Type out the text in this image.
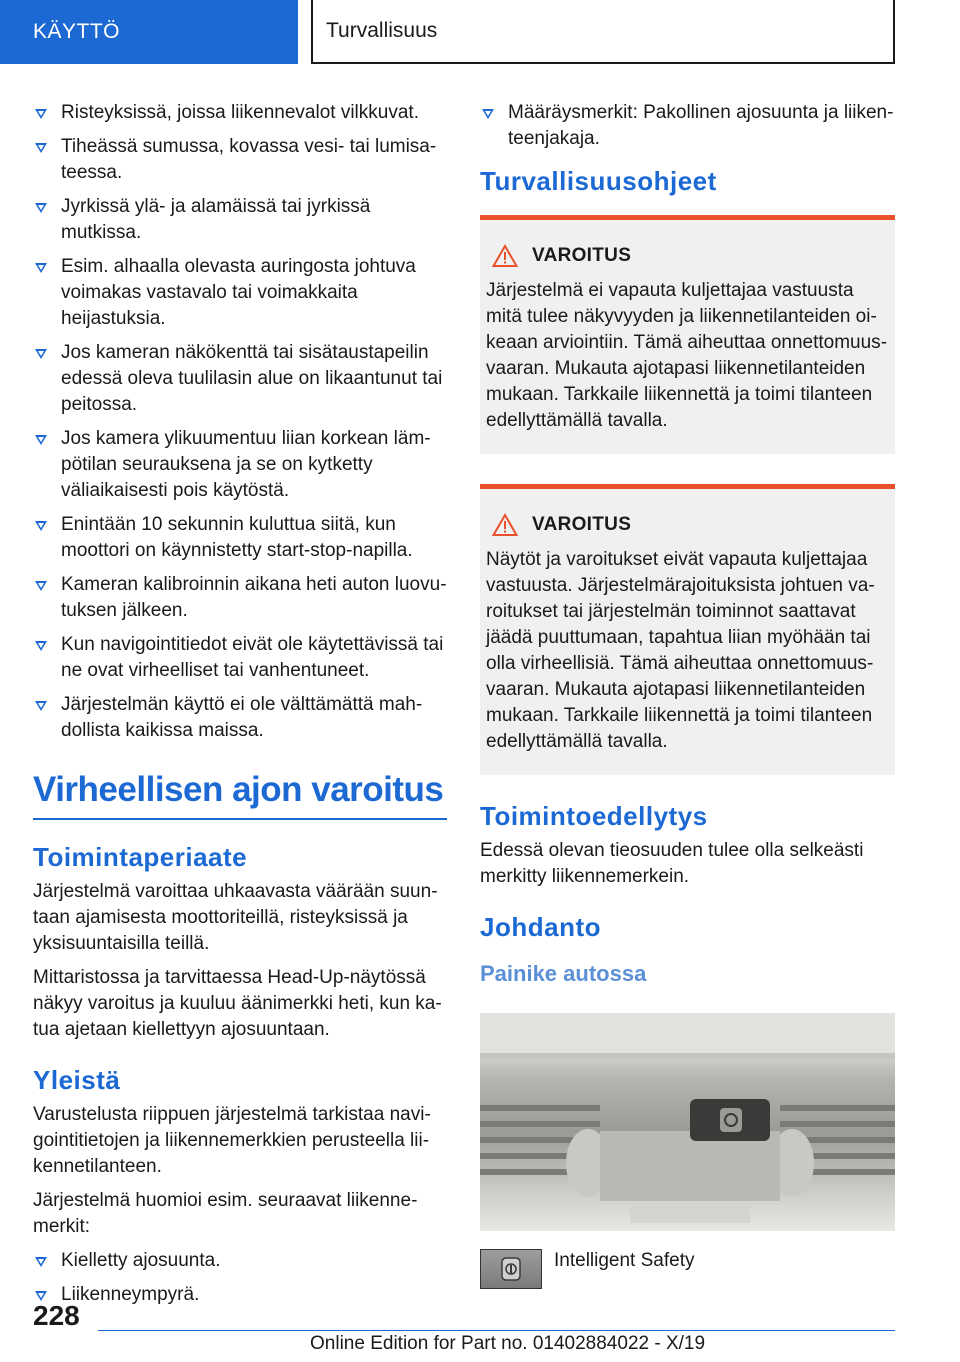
KÄYTTÖ	Turvallisuus
Risteyksissä, joissa liikennevalot vilkkuvat.
Tiheässä sumussa, kovassa vesi- tai lumisateessa.
Jyrkissä ylä- ja alamäissä tai jyrkissä mutkissa.
Esim. alhaalla olevasta auringosta johtuva voimakas vastavalo tai voimakkaita heijastuksia.
Jos kameran näkökenttä tai sisätaustapeilin edessä oleva tuulilasin alue on likaantunut tai peitossa.
Jos kamera ylikuumentuu liian korkean lämpötilan seurauksena ja se on kytketty väliaikaisesti pois käytöstä.
Enintään 10 sekunnin kuluttua siitä, kun moottori on käynnistetty start-stop-napilla.
Kameran kalibroinnin aikana heti auton luovutuksen jälkeen.
Kun navigointitiedot eivät ole käytettävissä tai ne ovat virheelliset tai vanhentuneet.
Järjestelmän käyttö ei ole välttämättä mahdollista kaikissa maissa.
Virheellisen ajon varoitus
Toimintaperiaate

Järjestelmä varoittaa uhkaavasta väärään suuntaan ajamisesta moottoriteillä, risteyksissä ja yksisuuntaisilla teillä.

Mittaristossa ja tarvittaessa Head-Up-näytössä näkyy varoitus ja kuuluu äänimerkki heti, kun katua ajetaan kiellettyyn ajosuuntaan.

Yleistä

Varustelusta riippuen järjestelmä tarkistaa navigointitietojen ja liikennemerkkien perusteella liikennetilanteen.

Järjestelmä huomioi esim. seuraavat liikennemerkit:

Kielletty ajosuunta.
Liikenneympyrä.
Määräysmerkit: Pakollinen ajosuunta ja liikenteenjakaja.
Turvallisuusohjeet
VAROITUS

Järjestelmä ei vapauta kuljettajaa vastuusta mitä tulee näkyvyyden ja liikennetilanteiden oikeaan arviointiin. Tämä aiheuttaa onnettomuusvaaran. Mukauta ajotapasi liikennetilanteiden mukaan. Tarkkaile liikennettä ja toimi tilanteen edellyttämällä tavalla.

VAROITUS

Näytöt ja varoitukset eivät vapauta kuljettajaa vastuusta. Järjestelmärajoituksista johtuen varoitukset tai järjestelmän toiminnot saattavat jäädä puuttumaan, tapahtua liian myöhään tai olla virheellisiä. Tämä aiheuttaa onnettomuusvaaran. Mukauta ajotapasi liikennetilanteiden mukaan. Tarkkaile liikennettä ja toimi tilanteen edellyttämällä tavalla.

Toimintoedellytys

Edessä olevan tieosuuden tulee olla selkeästi merkitty liikennemerkein.

Johdanto
Painike autossa
Intelligent Safety
228
Online Edition for Part no. 01402884022 - X/19
